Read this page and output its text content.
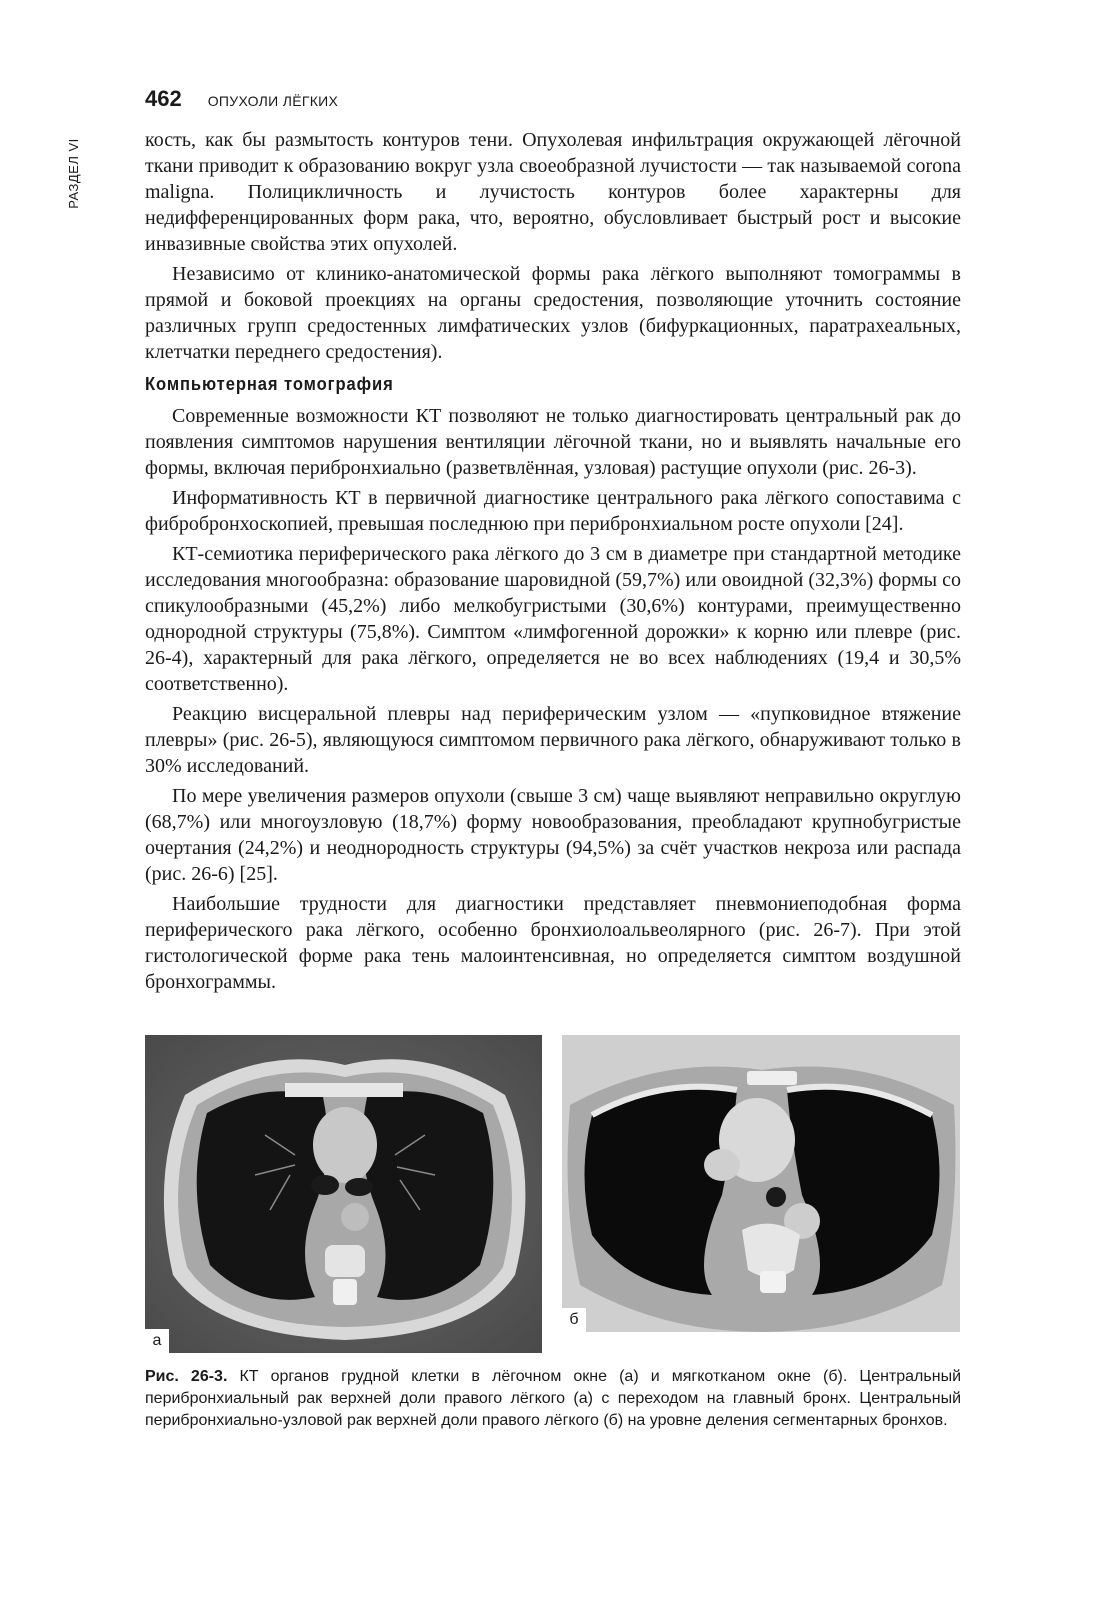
РАЗДЕЛ VI
462 ОПУХОЛИ ЛЁГКИХ

кость, как бы размытость контуров тени. Опухолевая инфильтрация окружающей лёгочной ткани приводит к образованию вокруг узла своеобразной лучистости — так называемой corona maligna. Полицикличность и лучистость контуров более характерны для недифференцированных форм рака, что, вероятно, обусловливает быстрый рост и высокие инвазивные свойства этих опухолей.

Независимо от клинико-анатомической формы рака лёгкого выполняют томограммы в прямой и боковой проекциях на органы средостения, позволяющие уточнить состояние различных групп средостенных лимфатических узлов (бифуркационных, паратрахеальных, клетчатки переднего средостения).

Компьютерная томография

Современные возможности КТ позволяют не только диагностировать центральный рак до появления симптомов нарушения вентиляции лёгочной ткани, но и выявлять начальные его формы, включая перибронхиально (разветвлённая, узловая) растущие опухоли (рис. 26-3).

Информативность КТ в первичной диагностике центрального рака лёгкого сопоставима с фибробронхоскопией, превышая последнюю при перибронхиальном росте опухоли [24].

КТ-семиотика периферического рака лёгкого до 3 см в диаметре при стандартной методике исследования многообразна: образование шаровидной (59,7%) или овоидной (32,3%) формы со спикулообразными (45,2%) либо мелкобугристыми (30,6%) контурами, преимущественно однородной структуры (75,8%). Симптом «лимфогенной дорожки» к корню или плевре (рис. 26-4), характерный для рака лёгкого, определяется не во всех наблюдениях (19,4 и 30,5% соответственно).

Реакцию висцеральной плевры над периферическим узлом — «пупковидное втяжение плевры» (рис. 26-5), являющуюся симптомом первичного рака лёгкого, обнаруживают только в 30% исследований.

По мере увеличения размеров опухоли (свыше 3 см) чаще выявляют неправильно округлую (68,7%) или многоузловую (18,7%) форму новообразования, преобладают крупнобугристые очертания (24,2%) и неоднородность структуры (94,5%) за счёт участков некроза или распада (рис. 26-6) [25].

Наибольшие трудности для диагностики представляет пневмониеподобная форма периферического рака лёгкого, особенно бронхиолоальвеолярного (рис. 26-7). При этой гистологической форме рака тень малоинтенсивная, но определяется симптом воздушной бронхограммы.

а
б
Рис. 26-3. КТ органов грудной клетки в лёгочном окне (а) и мягкотканом окне (б). Центральный перибронхиальный рак верхней доли правого лёгкого (а) с переходом на главный бронх. Центральный перибронхиально-узловой рак верхней доли правого лёгкого (б) на уровне деления сегментарных бронхов.
